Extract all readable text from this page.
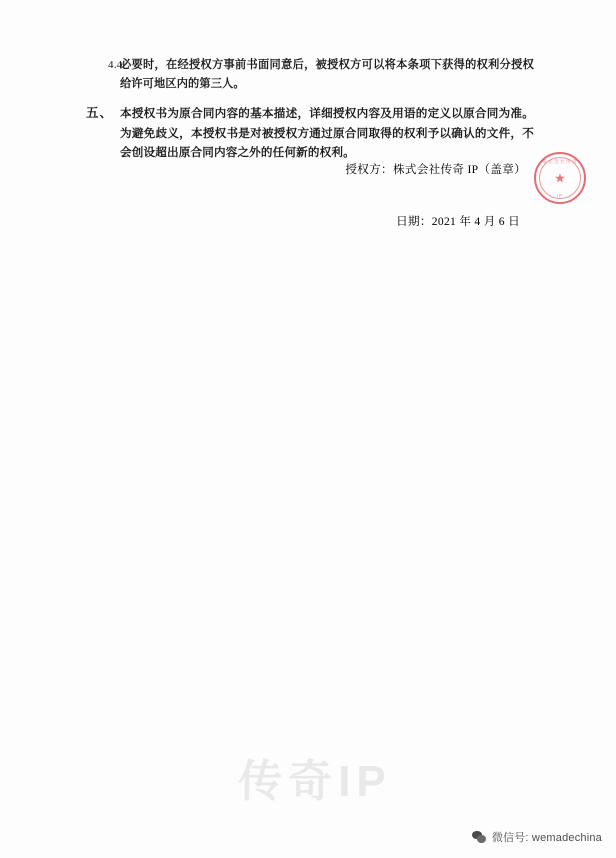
4.4
必要时，在经授权方事前书面同意后，被授权方可以将本条项下获得的权利分授权给许可地区内的第三人。
五、 本授权书为原合同内容的基本描述，详细授权内容及用语的定义以原合同为准。为避免歧义，本授权书是对被授权方通过原合同取得的权利予以确认的文件，不会创设超出原合同内容之外的任何新的权利。
授权方：株式会社传奇 IP（盖章）
日期：2021 年 4 月 6 日
株式会社传奇
★
IP
传奇IP
微信号: wemadechina
